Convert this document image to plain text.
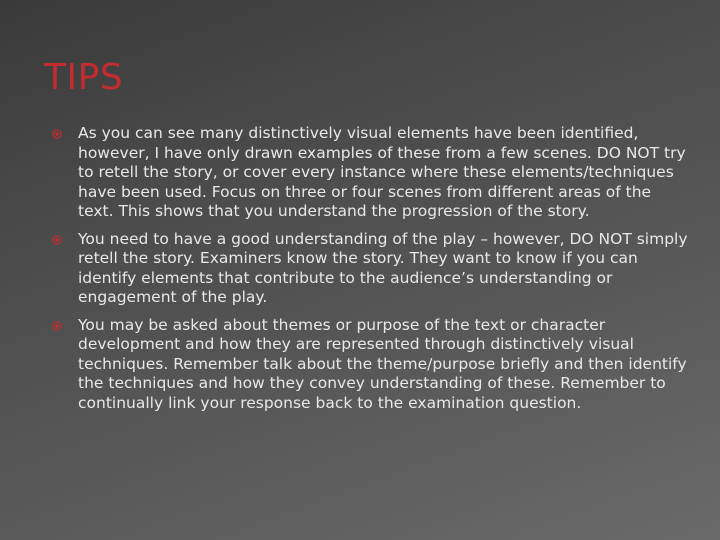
TIPS
As you can see many distinctively visual elements have been identified, however, I have only drawn examples of these from a few scenes. DO NOT try to retell the story, or cover every instance where these elements/techniques have been used. Focus on three or four scenes from different areas of the text. This shows that you understand the progression of the story.
You need to have a good understanding of the play – however, DO NOT simply retell the story. Examiners know the story. They want to know if you can identify elements that contribute to the audience’s understanding or engagement of the play.
You may be asked about themes or purpose of the text or character development and how they are represented through distinctively visual techniques. Remember talk about the theme/purpose briefly and then identify the techniques and how they convey understanding of these. Remember to continually link your response back to the examination question.
